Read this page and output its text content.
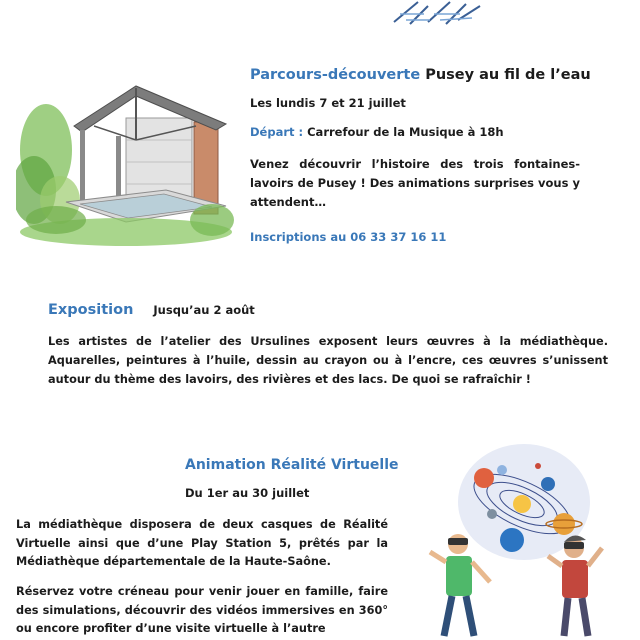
Parcours-découverte Pusey au fil de l’eau
Les lundis 7 et 21 juillet
Départ : Carrefour de la Musique à 18h
Venez découvrir l’histoire des trois fontaines-lavoirs de Pusey ! Des animations surprises vous y attendent…
Inscriptions au 06 33 37 16 11
Exposition Jusqu’au 2 août
Les artistes de l’atelier des Ursulines exposent leurs œuvres à la médiathèque. Aquarelles, peintures à l’huile, dessin au crayon ou à l’encre, ces œuvres s’unissent autour du thème des lavoirs, des rivières et des lacs. De quoi se rafraîchir !
Animation Réalité Virtuelle
Du 1er au 30 juillet
La médiathèque disposera de deux casques de Réalité Virtuelle ainsi que d’une Play Station 5, prêtés par la Médiathèque départementale de la Haute-Saône.
Réservez votre créneau pour venir jouer en famille, faire des simulations, découvrir des vidéos immersives en 360° ou encore profiter d’une visite virtuelle à l’autre
